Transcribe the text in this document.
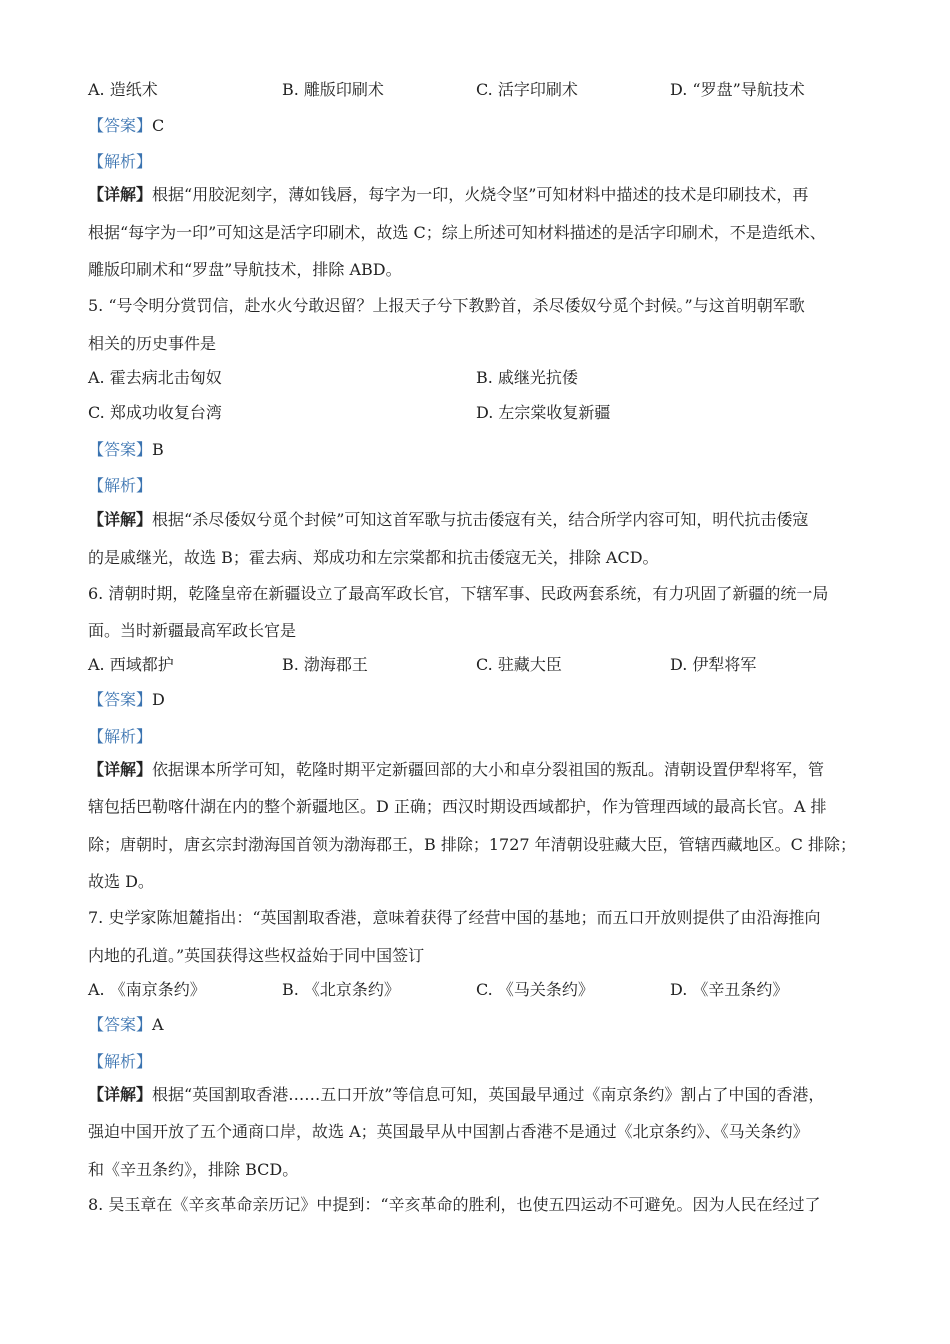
A. 造纸术	B. 雕版印刷术	C. 活字印刷术	D. “罗盘”导航技术
【答案】C
【解析】
【详解】根据“用胶泥刻字，薄如钱唇，每字为一印，火烧令坚”可知材料中描述的技术是印刷技术，再
根据“每字为一印”可知这是活字印刷术，故选 C；综上所述可知材料描述的是活字印刷术，不是造纸术、
雕版印刷术和“罗盘”导航技术，排除 ABD。
5. “号令明分赏罚信，赴水火兮敢迟留？上报天子兮下教黔首，杀尽倭奴兮觅个封候。”与这首明朝军歌
相关的历史事件是
A. 霍去病北击匈奴	B. 戚继光抗倭
C. 郑成功收复台湾	D. 左宗棠收复新疆
【答案】B
【解析】
【详解】根据“杀尽倭奴兮觅个封候”可知这首军歌与抗击倭寇有关，结合所学内容可知，明代抗击倭寇
的是戚继光，故选 B；霍去病、郑成功和左宗棠都和抗击倭寇无关，排除 ACD。
6. 清朝时期，乾隆皇帝在新疆设立了最高军政长官，下辖军事、民政两套系统，有力巩固了新疆的统一局
面。当时新疆最高军政长官是
A. 西域都护	B. 渤海郡王	C. 驻藏大臣	D. 伊犁将军
【答案】D
【解析】
【详解】依据课本所学可知，乾隆时期平定新疆回部的大小和卓分裂祖国的叛乱。清朝设置伊犁将军，管
辖包括巴勒喀什湖在内的整个新疆地区。D 正确；西汉时期设西域都护，作为管理西域的最高长官。A 排
除；唐朝时，唐玄宗封渤海国首领为渤海郡王，B 排除；1727 年清朝设驻藏大臣，管辖西藏地区。C 排除；
故选 D。
7. 史学家陈旭麓指出：“英国割取香港，意味着获得了经营中国的基地；而五口开放则提供了由沿海推向
内地的孔道。”英国获得这些权益始于同中国签订
A. 《南京条约》	B. 《北京条约》	C. 《马关条约》	D. 《辛丑条约》
【答案】A
【解析】
【详解】根据“英国割取香港……五口开放”等信息可知，英国最早通过《南京条约》割占了中国的香港，
强迫中国开放了五个通商口岸，故选 A；英国最早从中国割占香港不是通过《北京条约》、《马关条约》
和《辛丑条约》，排除 BCD。
8. 吴玉章在《辛亥革命亲历记》中提到：“辛亥革命的胜利，也使五四运动不可避免。因为人民在经过了
